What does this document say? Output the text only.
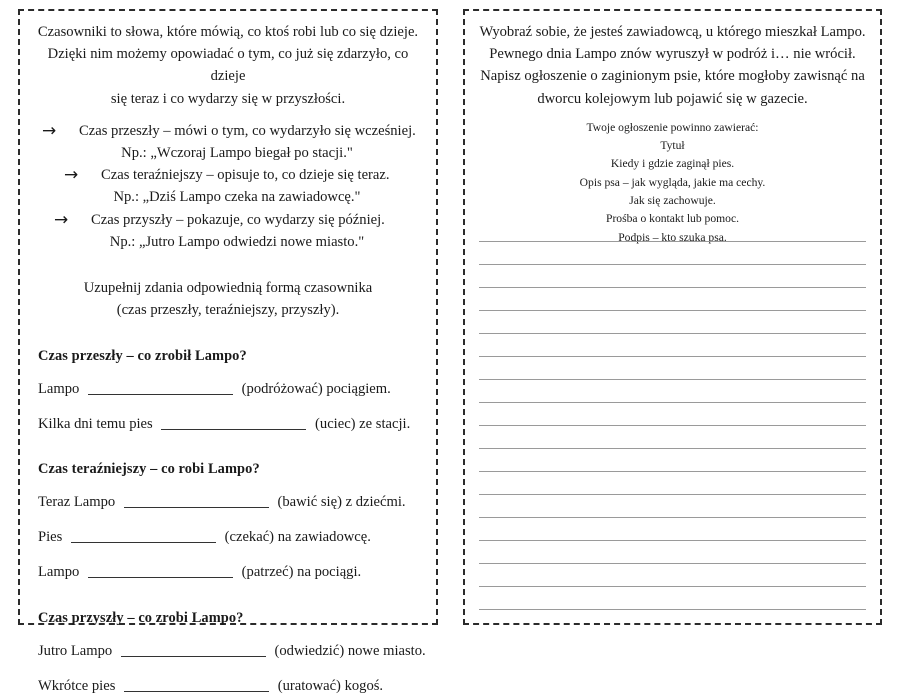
Czasowniki to słowa, które mówią, co ktoś robi lub co się dzieje.
Dzięki nim możemy opowiadać o tym, co już się zdarzyło, co dzieje
się teraz i co wydarzy się w przyszłości.

→	Czas przeszły – mówi o tym, co wydarzyło się wcześniej.

Np.: „Wczoraj Lampo biegał po stacji."

→	Czas teraźniejszy – opisuje to, co dzieje się teraz.

Np.: „Dziś Lampo czeka na zawiadowcę."

→	Czas przyszły – pokazuje, co wydarzy się później.

Np.: „Jutro Lampo odwiedzi nowe miasto."

Uzupełnij zdania odpowiednią formą czasownika
(czas przeszły, teraźniejszy, przyszły).

Czas przeszły – co zrobił Lampo?
Lampo	(podróżować) pociągiem.
Kilka dni temu pies	(uciec) ze stacji.
Czas teraźniejszy – co robi Lampo?
Teraz Lampo	(bawić się) z dziećmi.
Pies	(czekać) na zawiadowcę.
Lampo	(patrzeć) na pociągi.
Czas przyszły – co zrobi Lampo?
Jutro Lampo	(odwiedzić) nowe miasto.
Wkrótce pies	(uratować) kogoś.

Wyobraź sobie, że jesteś zawiadowcą, u którego mieszkał Lampo.
Pewnego dnia Lampo znów wyruszył w podróż i… nie wrócił.
Napisz ogłoszenie o zaginionym psie, które mogłoby zawisnąć na
dworcu kolejowym lub pojawić się w gazecie.

Twoje ogłoszenie powinno zawierać:
Tytuł
Kiedy i gdzie zaginął pies.
Opis psa – jak wygląda, jakie ma cechy.
Jak się zachowuje.
Prośba o kontakt lub pomoc.
Podpis – kto szuka psa.
